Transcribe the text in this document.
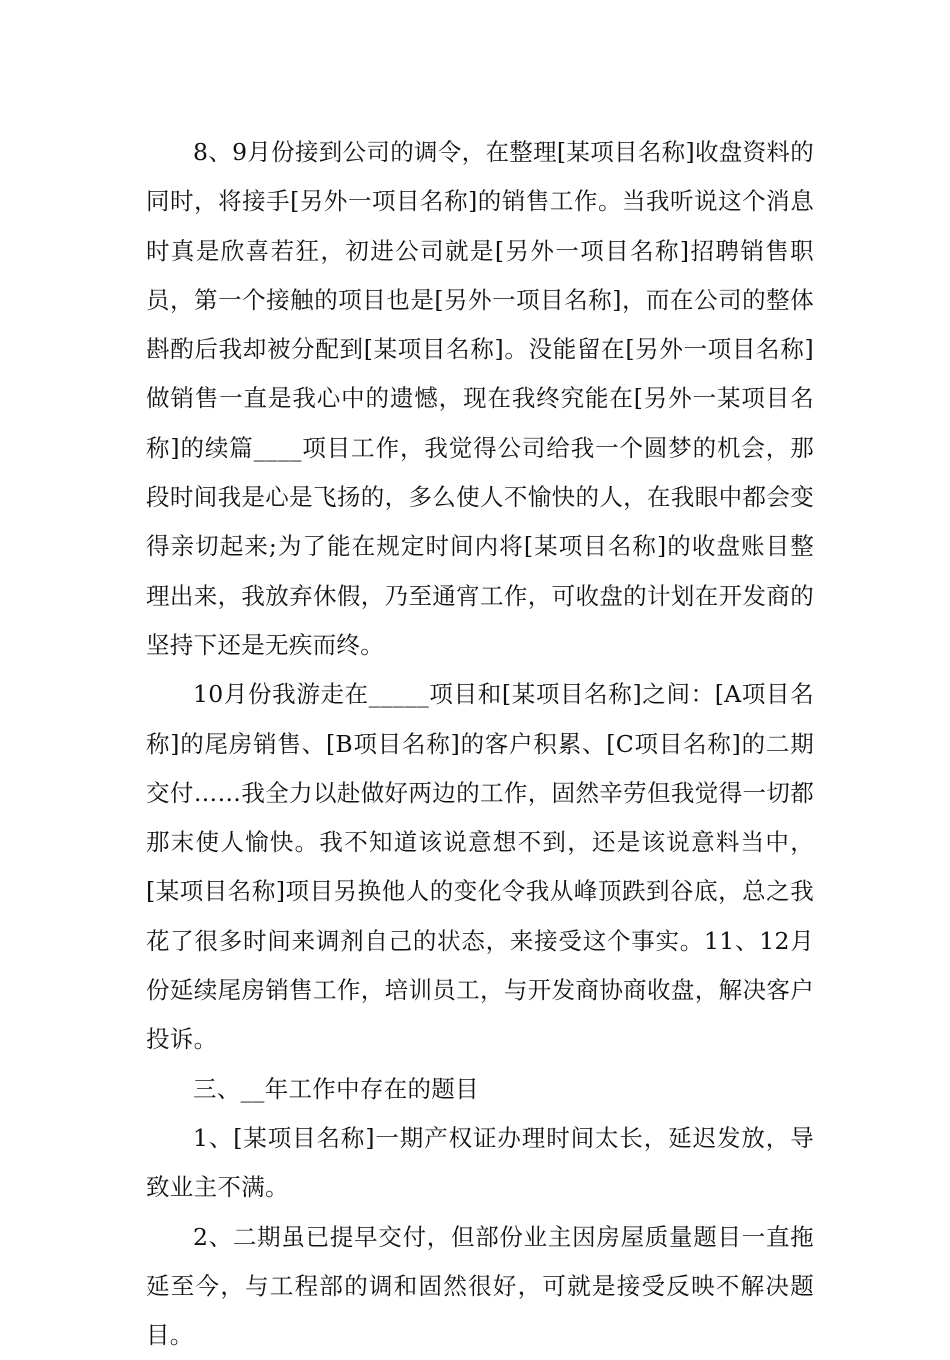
8、9月份接到公司的调令，在整理[某项目名称]收盘资料的同时，将接手[另外一项目名称]的销售工作。当我听说这个消息时真是欣喜若狂，初进公司就是[另外一项目名称]招聘销售职员，第一个接触的项目也是[另外一项目名称]，而在公司的整体斟酌后我却被分配到[某项目名称]。没能留在[另外一项目名称]做销售一直是我心中的遗憾，现在我终究能在[另外一某项目名称]的续篇____项目工作，我觉得公司给我一个圆梦的机会，那段时间我是心是飞扬的，多么使人不愉快的人，在我眼中都会变得亲切起来;为了能在规定时间内将[某项目名称]的收盘账目整理出来，我放弃休假，乃至通宵工作，可收盘的计划在开发商的坚持下还是无疾而终。

10月份我游走在_____项目和[某项目名称]之间：[A项目名称]的尾房销售、[B项目名称]的客户积累、[C项目名称]的二期交付……我全力以赴做好两边的工作，固然辛劳但我觉得一切都那末使人愉快。我不知道该说意想不到，还是该说意料当中，[某项目名称]项目另换他人的变化令我从峰顶跌到谷底，总之我花了很多时间来调剂自己的状态，来接受这个事实。11、12月份延续尾房销售工作，培训员工，与开发商协商收盘，解决客户投诉。

三、__年工作中存在的题目

1、[某项目名称]一期产权证办理时间太长，延迟发放，导致业主不满。

2、二期虽已提早交付，但部份业主因房屋质量题目一直拖延至今，与工程部的调和固然很好，可就是接受反映不解决题目。
